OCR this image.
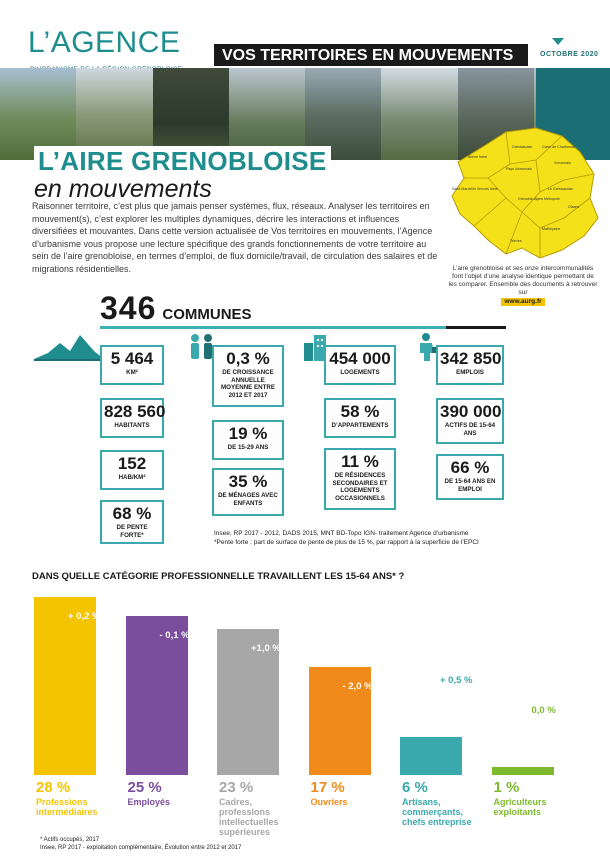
L’AGENCE	VOS TERRITOIRES EN MOUVEMENTS	OCTOBRE 2020
L’AIRE GRENOBLOISE
en mouvements
Raisonner territoire, c’est plus que jamais penser systèmes, flux, réseaux. Analyser les territoires en mouvement(s), c’est explorer les multiples dynamiques, décrire les interactions et influences diversifiées et mouvantes. Dans cette version actualisée de Vos territoires en mouvements, l’Agence d’urbanisme vous propose une lecture spécifique des grands fonctionnements de votre territoire au sein de l’aire grenobloise, en termes d’emploi, de flux domicile/travail, de circulation des salaires et de migrations résidentielles.
Bièvre Isère
Grésivaudan	Cœur de Chartreuse
Voironnais
Pays Voironnais
Saint-Marcellin Vercors Isère
Grenoble-Alpes Métropole
Le Grésivaudan
Oisans
Matheysine
Trièves
L’aire grenobloise et ses onze intercommunalités font l’objet d’une analyse identique permettant de les comparer. Ensemble des documents à retrouver sur
www.aurg.fr
346 COMMUNES
5 464
KM²
828 560
HABITANTS
152
HAB/KM²
68 %
DE PENTE FORTE*
0,3 %
DE CROISSANCE ANNUELLE MOYENNE ENTRE 2012 ET 2017
19 %
DE 15-29 ANS
35 %
DE MÉNAGES AVEC ENFANTS
454 000
LOGEMENTS
58 %
D’APPARTEMENTS
11 %
DE RÉSIDENCES SECONDAIRES ET LOGEMENTS OCCASIONNELS
342 850
EMPLOIS
390 000
ACTIFS DE 15-64 ANS
66 %
DE 15-64 ANS EN EMPLOI
Insee, RP 2017 - 2012, DADS 2015, MNT BD-Topo IGN- traitement Agence d’urbanisme
*Pente forte : part de surface de pente de plus de 15 %, par rapport à la superficie de l’EPCI
DANS QUELLE CATÉGORIE PROFESSIONNELLE TRAVAILLENT LES 15-64 ANS* ?
+ 0,2 %
28 %
Professions intermédiaires
- 0,1 %
25 %
Employés
+1,0 %
23 %
Cadres, professions intellectuelles supérieures
- 2,0 %
17 %
Ouvriers
+ 0,5 %
6 %
Artisans, commerçants, chefs entreprise
0,0 %
1 %
Agriculteurs exploitants
* Actifs occupés, 2017
Insee, RP 2017 - exploitation complémentaire, Évolution entre 2012 et 2017
